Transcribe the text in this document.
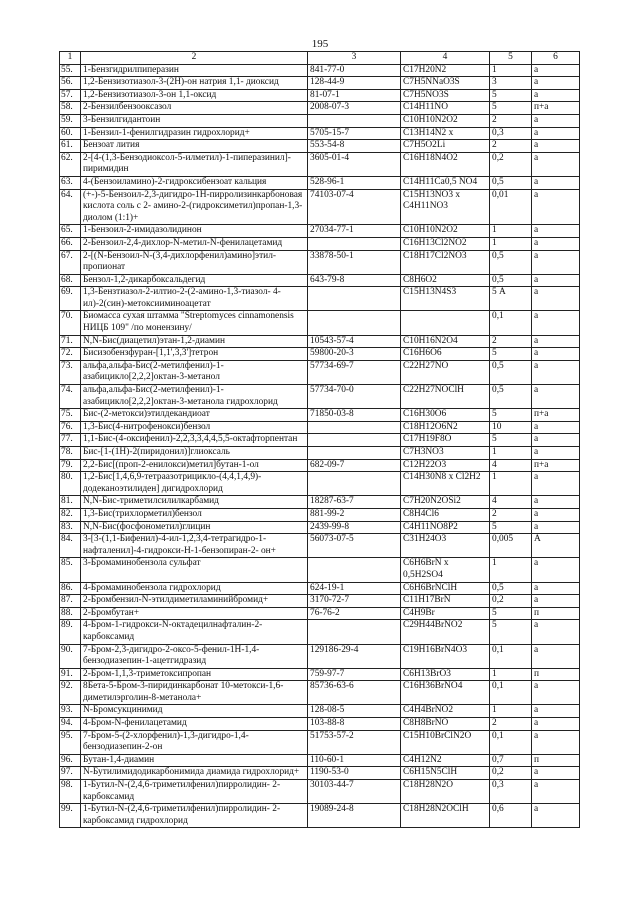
195
1	2	3	4	5	6
55.	1-Бензгидрилпиперазин	841-77-0	C17H20N2	1	а
56.	1,2-Бензизотиазол-3-(2Н)-он натрия 1,1- диоксид	128-44-9	C7H5NNaO3S	3	а
57.	1,2-Бензизотиазол-3-он 1,1-оксид	81-07-1	C7H5NO3S	5	а
58.	2-Бензилбензооксазол	2008-07-3	C14H11NO	5	п+а
59.	3-Бензилгидантоин		C10H10N2O2	2	а
60.	1-Бензил-1-фенилгидразин гидрохлорид+	5705-15-7	C13H14N2 x	0,3	а
61.	Бензоат лития	553-54-8	C7H5O2Li	2	а
62.	2-[4-(1,3-Бензодиоксол-5-илметил)-1-пиперазинил]-пиримидин	3605-01-4	C16H18N4O2	0,2	а
63.	4-(Бензоиламино)-2-гидроксибензоат кальция	528-96-1	C14H11Ca0,5 NO4	0,5	а
64.	(+-)-5-Бензоил-2,3-дигидро-1Н-пирролизинкарбоновая кислота соль с 2- амино-2-(гидроксиметил)пропан-1,3-диолом (1:1)+	74103-07-4	C15H13NO3 x C4H11NO3	0,01	а
65.	1-Бензоил-2-имидазолидинон	27034-77-1	C10H10N2O2	1	а
66.	2-Бензоил-2,4-дихлор-N-метил-N-фенилацетамид		C16H13Cl2NO2	1	а
67.	2-[(N-Бензоил-N-(3,4-дихлорфенил)амино]этил-пропионат	33878-50-1	C18H17Cl2NO3	0,5	а
68.	Бензол-1,2-дикарбоксальдегид	643-79-8	C8H6O2	0,5	а
69.	1,3-Бензтиазол-2-илтио-2-(2-амино-1,3-тиазол- 4-ил)-2(син)-метоксииминоацетат		C15H13N4S3	5 А	а
70.	Биомасса сухая штамма "Streptomyces cinnamonensis НИЦБ 109" /по монензину/			0,1	а
71.	N,N-Бис(диацетил)этан-1,2-диамин	10543-57-4	C10H16N2O4	2	а
72.	Бисизобензфуран-[1,1',3,3']тетрон	59800-20-3	C16H6O6	5	а
73.	альфа,альфа-Бис(2-метилфенил)-1-азабицикло[2,2,2]октан-3-метанол	57734-69-7	C22H27NO	0,5	а
74.	альфа,альфа-Бис(2-метилфенил)-1-азабицикло[2,2,2]октан-3-метанола гидрохлорид	57734-70-0	C22H27NOClH	0,5	а
75.	Бис-(2-метокси)этилдекандиоат	71850-03-8	C16H30O6	5	п+а
76.	1,3-Бис(4-нитрофенокси)бензол		C18H12O6N2	10	а
77.	1,1-Бис-(4-оксифенил)-2,2,3,3,4,4,5,5-октафторпентан		C17H19F8O	5	а
78.	Бис-[1-(1Н)-2(пиридонил)]глиоксаль		C7H3NO3	1	а
79.	2,2-Бис[(проп-2-енилокси)метил]бутан-1-ол	682-09-7	C12H22O3	4	п+а
80.	1,2-Бис[1,4,6,9-тетраазотрицикло-(4,4,1,4,9)-додеканоэтилиден] дигидрохлорид		C14H30N8 x Cl2H2	1	а
81.	N,N-Бис-триметилсилилкарбамид	18287-63-7	C7H20N2OSi2	4	а
82.	1,3-Бис(трихлорметил)бензол	881-99-2	C8H4Cl6	2	а
83.	N,N-Бис(фосфонометил)глицин	2439-99-8	C4H11NO8P2	5	а
84.	3-[3-(1,1-Бифенил)-4-ил-1,2,3,4-тетрагидро-1-нафталенил]-4-гидрокси-Н-1-бензопиран-2- он+	56073-07-5	C31H24O3	0,005	А
85.	3-Бромаминобензола сульфат		C6H6BrN x 0,5H2SO4	1	а
86.	4-Бромаминобензола гидрохлорид	624-19-1	C6H6BrNClH	0,5	а
87.	2-Бромбензил-N-этилдиметиламинийбромид+	3170-72-7	C11H17BrN	0,2	а
88.	2-Бромбутан+	76-76-2	C4H9Br	5	п
89.	4-Бром-1-гидрокси-N-октадецилнафталин-2-карбоксамид		C29H44BrNO2	5	а
90.	7-Бром-2,3-дигидро-2-оксо-5-фенил-1Н-1,4-бензодиазепин-1-ацетгидразид	129186-29-4	C19H16BrN4O3	0,1	а
91.	2-Бром-1,1,3-триметоксипропан	759-97-7	C6H13BrO3	1	п
92.	8Бета-5-Бром-3-пиридинкарбонат 10-метокси-1,6-диметилэрголин-8-метанола+	85736-63-6	C16H36BrNO4	0,1	а
93.	N-Бромсукцинимид	128-08-5	C4H4BrNO2	1	а
94.	4-Бром-N-фенилацетамид	103-88-8	C8H8BrNO	2	а
95.	7-Бром-5-(2-хлорфенил)-1,3-дигидро-1,4-бензодиазепин-2-он	51753-57-2	C15H10BrClN2O	0,1	а
96.	Бутан-1,4-диамин	110-60-1	C4H12N2	0,7	п
97.	N-Бутилимидодикарбонимида диамида гидрохлорид+	1190-53-0	C6H15N5ClH	0,2	а
98.	1-Бутил-N-(2,4,6-триметилфенил)пирролидин- 2-карбоксамид	30103-44-7	C18H28N2O	0,3	а
99.	1-Бутил-N-(2,4,6-триметилфенил)пирролидин- 2-карбоксамид гидрохлорид	19089-24-8	C18H28N2OClH	0,6	а
